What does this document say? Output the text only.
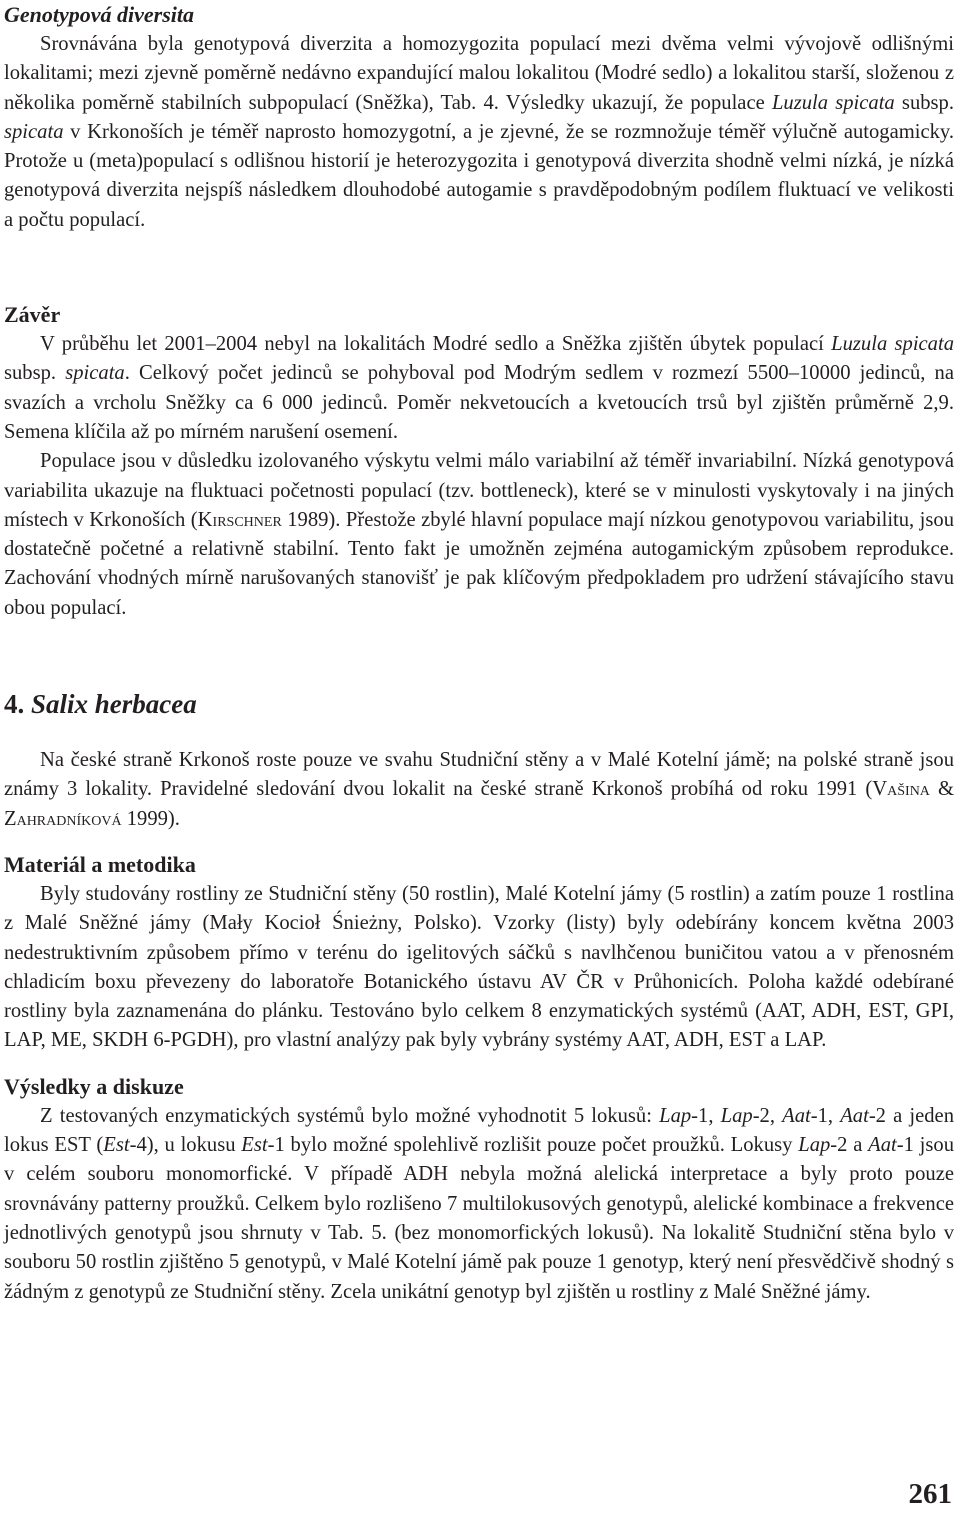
Genotypová diversita

Srovnávána byla genotypová diverzita a homozygozita populací mezi dvěma velmi vývojově odlišnými lokalitami; mezi zjevně poměrně nedávno expandující malou lokalitou (Modré sedlo) a lokalitou starší, složenou z několika poměrně stabilních subpopulací (Sněžka), Tab. 4. Výsledky ukazují, že populace Luzula spicata subsp. spicata v Krkonoších je téměř naprosto homozygotní, a je zjevné, že se rozmnožuje téměř výlučně autogamicky. Protože u (meta)populací s odlišnou historií je heterozygozita i genotypová diverzita shodně velmi nízká, je nízká genotypová diverzita nejspíš následkem dlouhodobé autogamie s pravděpodobným podílem fluktuací ve velikosti a počtu populací.

Závěr

V průběhu let 2001–2004 nebyl na lokalitách Modré sedlo a Sněžka zjištěn úbytek populací Luzula spicata subsp. spicata. Celkový počet jedinců se pohyboval pod Modrým sedlem v rozmezí 5500–10000 jedinců, na svazích a vrcholu Sněžky ca 6 000 jedinců. Poměr nekvetoucích a kvetoucích trsů byl zjištěn průměrně 2,9. Semena klíčila až po mírném narušení osemení.

Populace jsou v důsledku izolovaného výskytu velmi málo variabilní až téměř invariabilní. Nízká genotypová variabilita ukazuje na fluktuaci početnosti populací (tzv. bottleneck), které se v minulosti vyskytovaly i na jiných místech v Krkonoších (Kirschner 1989). Přestože zbylé hlavní populace mají nízkou genotypovou variabilitu, jsou dostatečně početné a relativně stabilní. Tento fakt je umožněn zejména autogamickým způsobem reprodukce. Zachování vhodných mírně narušovaných stanovišť je pak klíčovým předpokladem pro udržení stávajícího stavu obou populací.

4. Salix herbacea

Na české straně Krkonoš roste pouze ve svahu Studniční stěny a v Malé Kotelní jámě; na polské straně jsou známy 3 lokality. Pravidelné sledování dvou lokalit na české straně Krkonoš probíhá od roku 1991 (Vašina & Zahradníková 1999).

Materiál a metodika

Byly studovány rostliny ze Studniční stěny (50 rostlin), Malé Kotelní jámy (5 rostlin) a zatím pouze 1 rostlina z Malé Sněžné jámy (Mały Kocioł Śnieżny, Polsko). Vzorky (listy) byly odebírány koncem května 2003 nedestruktivním způsobem přímo v terénu do igelitových sáčků s navlhčenou buničitou vatou a v přenosném chladicím boxu převezeny do laboratoře Botanického ústavu AV ČR v Průhonicích. Poloha každé odebírané rostliny byla zaznamenána do plánku. Testováno bylo celkem 8 enzymatických systémů (AAT, ADH, EST, GPI, LAP, ME, SKDH 6-PGDH), pro vlastní analýzy pak byly vybrány systémy AAT, ADH, EST a LAP.

Výsledky a diskuze

Z testovaných enzymatických systémů bylo možné vyhodnotit 5 lokusů: Lap-1, Lap-2, Aat-1, Aat-2 a jeden lokus EST (Est-4), u lokusu Est-1 bylo možné spolehlivě rozlišit pouze počet proužků. Lokusy Lap-2 a Aat-1 jsou v celém souboru monomorfické. V případě ADH nebyla možná alelická interpretace a byly proto pouze srovnávány patterny proužků. Celkem bylo rozlišeno 7 multilokusových genotypů, alelické kombinace a frekvence jednotlivých genotypů jsou shrnuty v Tab. 5. (bez monomorfických lokusů). Na lokalitě Studniční stěna bylo v souboru 50 rostlin zjištěno 5 genotypů, v Malé Kotelní jámě pak pouze 1 genotyp, který není přesvědčivě shodný s žádným z genotypů ze Studniční stěny. Zcela unikátní genotyp byl zjištěn u rostliny z Malé Sněžné jámy.

261
